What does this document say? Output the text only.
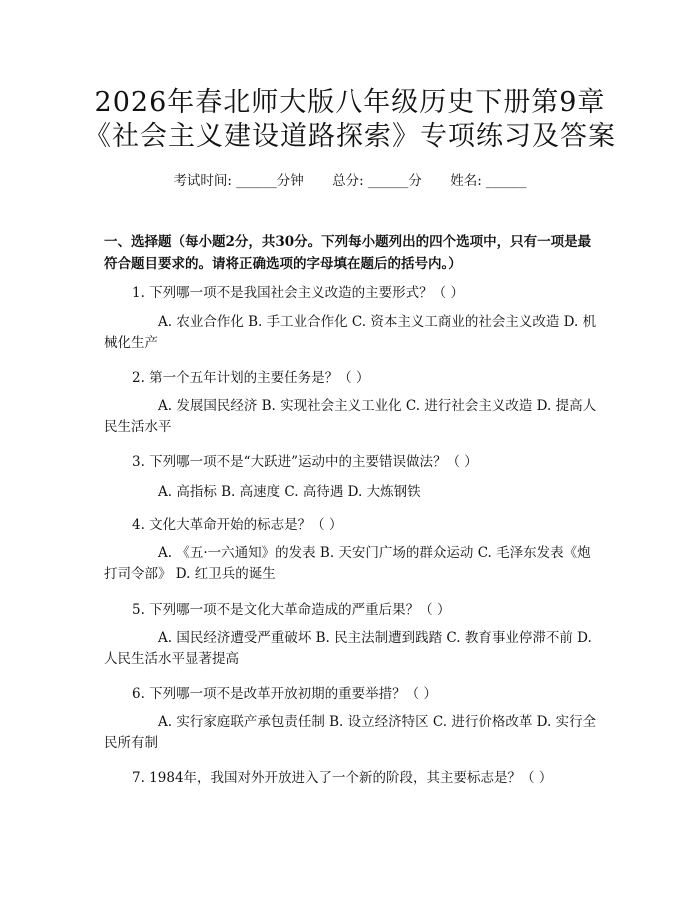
2026年春北师大版八年级历史下册第9章
《社会主义建设道路探索》专项练习及答案
考试时间: ______分钟 总分: ______分 姓名: ______
一、选择题（每小题2分，共30分。下列每小题列出的四个选项中，只有一项是最符合题目要求的。请将正确选项的字母填在题后的括号内。）
1. 下列哪一项不是我国社会主义改造的主要形式？（ ）
A. 农业合作化 B. 手工业合作化 C. 资本主义工商业的社会主义改造 D. 机械化生产
2. 第一个五年计划的主要任务是？（ ）
A. 发展国民经济 B. 实现社会主义工业化 C. 进行社会主义改造 D. 提高人民生活水平
3. 下列哪一项不是“大跃进”运动中的主要错误做法？（ ）
A. 高指标 B. 高速度 C. 高待遇 D. 大炼钢铁
4. 文化大革命开始的标志是？（ ）
A. 《五·一六通知》的发表 B. 天安门广场的群众运动 C. 毛泽东发表《炮打司令部》 D. 红卫兵的诞生
5. 下列哪一项不是文化大革命造成的严重后果？（ ）
A. 国民经济遭受严重破坏 B. 民主法制遭到践踏 C. 教育事业停滞不前 D. 人民生活水平显著提高
6. 下列哪一项不是改革开放初期的重要举措？（ ）
A. 实行家庭联产承包责任制 B. 设立经济特区 C. 进行价格改革 D. 实行全民所有制
7. 1984年，我国对外开放进入了一个新的阶段，其主要标志是？（ ）
